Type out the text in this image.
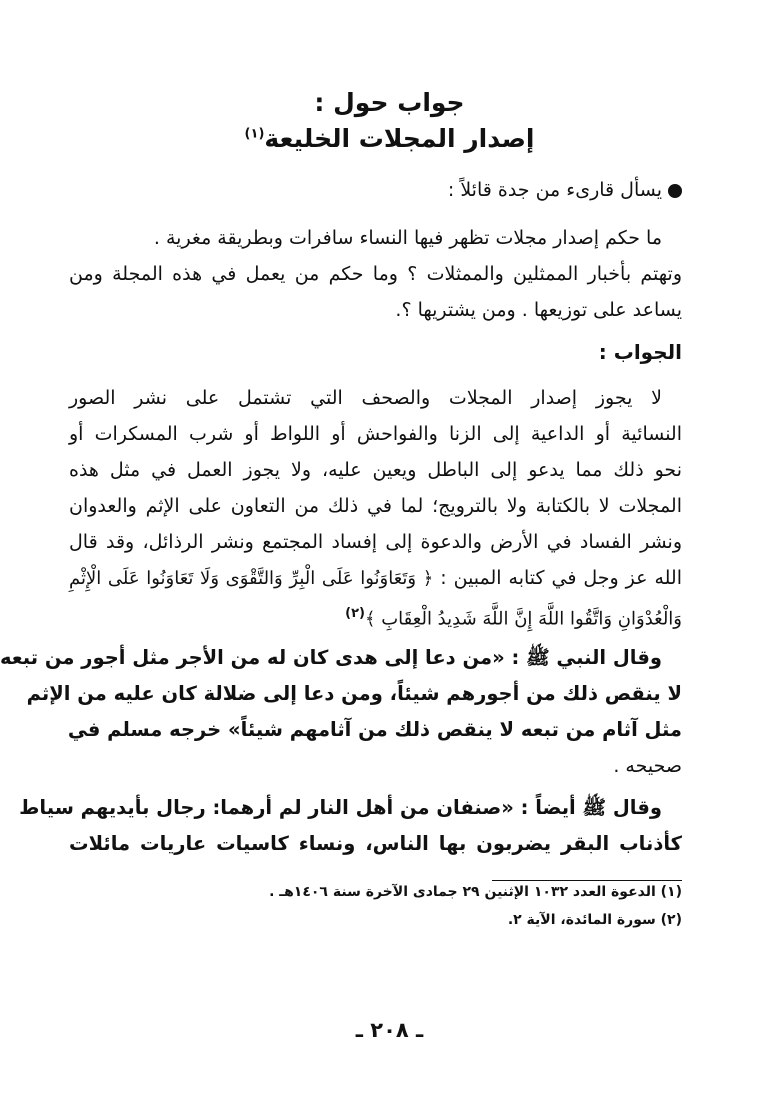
جواب حول :
إصدار المجلات الخليعة$^{(١)}$
يسأل قارىء من جدة قائلاً :
ما حكم إصدار مجلات تظهر فيها النساء سافرات وبطريقة مغرية .
وتهتم بأخبار الممثلين والممثلات ؟ وما حكم من يعمل في هذه المجلة ومن
يساعد على توزيعها . ومن يشتريها ؟.
الجواب :
لا يجوز إصدار المجلات والصحف التي تشتمل على نشر الصور
النسائية أو الداعية إلى الزنا والفواحش أو اللواط أو شرب المسكرات أو
نحو ذلك مما يدعو إلى الباطل ويعين عليه، ولا يجوز العمل في مثل هذه
المجلات لا بالكتابة ولا بالترويج؛ لما في ذلك من التعاون على الإثم والعدوان
ونشر الفساد في الأرض والدعوة إلى إفساد المجتمع ونشر الرذائل، وقد قال
الله عز وجل في كتابه المبين : ﴿ وَتَعَاوَنُوا عَلَى الْبِرِّ وَالتَّقْوَى وَلَا تَعَاوَنُوا عَلَى الْإِثْمِ
وَالْعُدْوَانِ وَاتَّقُوا اللَّهَ إِنَّ اللَّهَ شَدِيدُ الْعِقَابِ ﴾$^{(٢)}$
وقال النبي ﷺ : «من دعا إلى هدى كان له من الأجر مثل أجور من تبعه
لا ينقص ذلك من أجورهم شيئاً، ومن دعا إلى ضلالة كان عليه من الإثم
مثل آثام من تبعه لا ينقص ذلك من آثامهم شيئاً» خرجه مسلم في
صحيحه .
وقال ﷺ أيضاً : «صنفان من أهل النار لم أرهما: رجال بأيديهم سياط
كأذناب البقر يضربون بها الناس، ونساء كاسيات عاريات مائلات
(١) الدعوة العدد ١٠٣٢ الإثنين ٢٩ جمادى الآخرة سنة ١٤٠٦هـ .
(٢) سورة المائدة، الآية ٢.
ـ ٢٠٨ ـ
